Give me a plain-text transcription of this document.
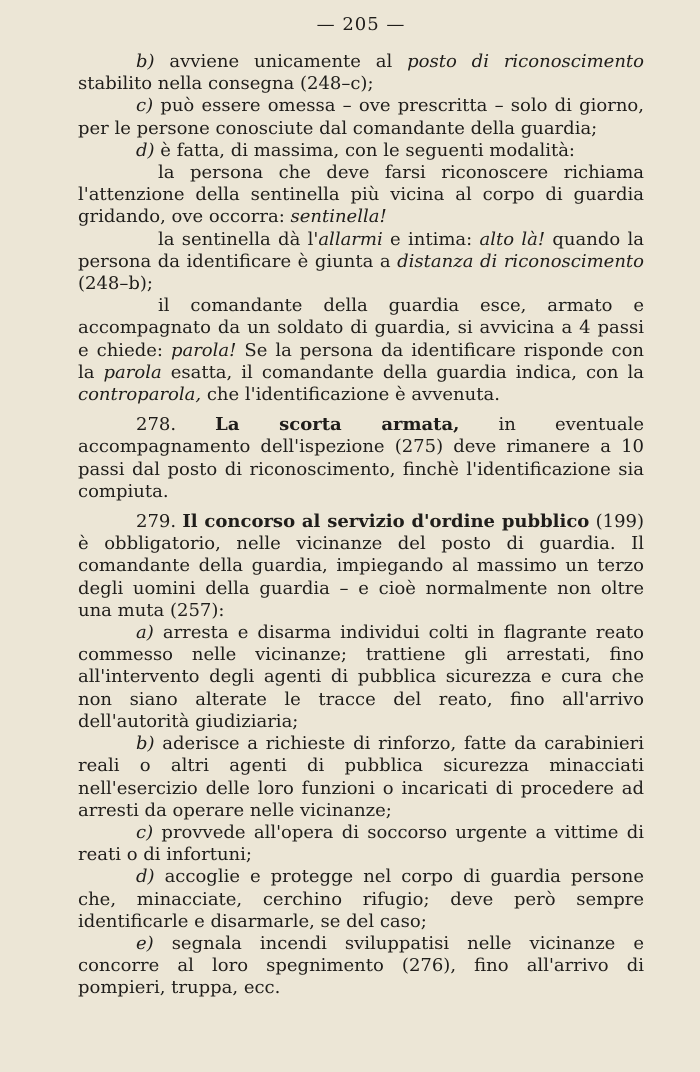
— 205 —

b) avviene unicamente al posto di riconoscimento stabilito nella consegna (248–c);

c) può essere omessa – ove prescritta – solo di giorno, per le persone conosciute dal comandante della guardia;

d) è fatta, di massima, con le seguenti modalità:

la persona che deve farsi riconoscere richiama l'attenzione della sentinella più vicina al corpo di guardia gridando, ove occorra: sentinella!

la sentinella dà l'allarmi e intima: alto là! quando la persona da identificare è giunta a distanza di riconoscimento (248–b);

il comandante della guardia esce, armato e accompagnato da un soldato di guardia, si avvicina a 4 passi e chiede: parola! Se la persona da identificare risponde con la parola esatta, il comandante della guardia indica, con la controparola, che l'identificazione è avvenuta.

278. La scorta armata, in eventuale accompagnamento dell'ispezione (275) deve rimanere a 10 passi dal posto di riconoscimento, finchè l'identificazione sia compiuta.

279. Il concorso al servizio d'ordine pubblico (199) è obbligatorio, nelle vicinanze del posto di guardia. Il comandante della guardia, impiegando al massimo un terzo degli uomini della guardia – e cioè normalmente non oltre una muta (257):

a) arresta e disarma individui colti in flagrante reato commesso nelle vicinanze; trattiene gli arrestati, fino all'intervento degli agenti di pubblica sicurezza e cura che non siano alterate le tracce del reato, fino all'arrivo dell'autorità giudiziaria;

b) aderisce a richieste di rinforzo, fatte da carabinieri reali o altri agenti di pubblica sicurezza minacciati nell'esercizio delle loro funzioni o incaricati di procedere ad arresti da operare nelle vicinanze;

c) provvede all'opera di soccorso urgente a vittime di reati o di infortuni;

d) accoglie e protegge nel corpo di guardia persone che, minacciate, cerchino rifugio; deve però sempre identificarle e disarmarle, se del caso;

e) segnala incendi sviluppatisi nelle vicinanze e concorre al loro spegnimento (276), fino all'arrivo di pompieri, truppa, ecc.
